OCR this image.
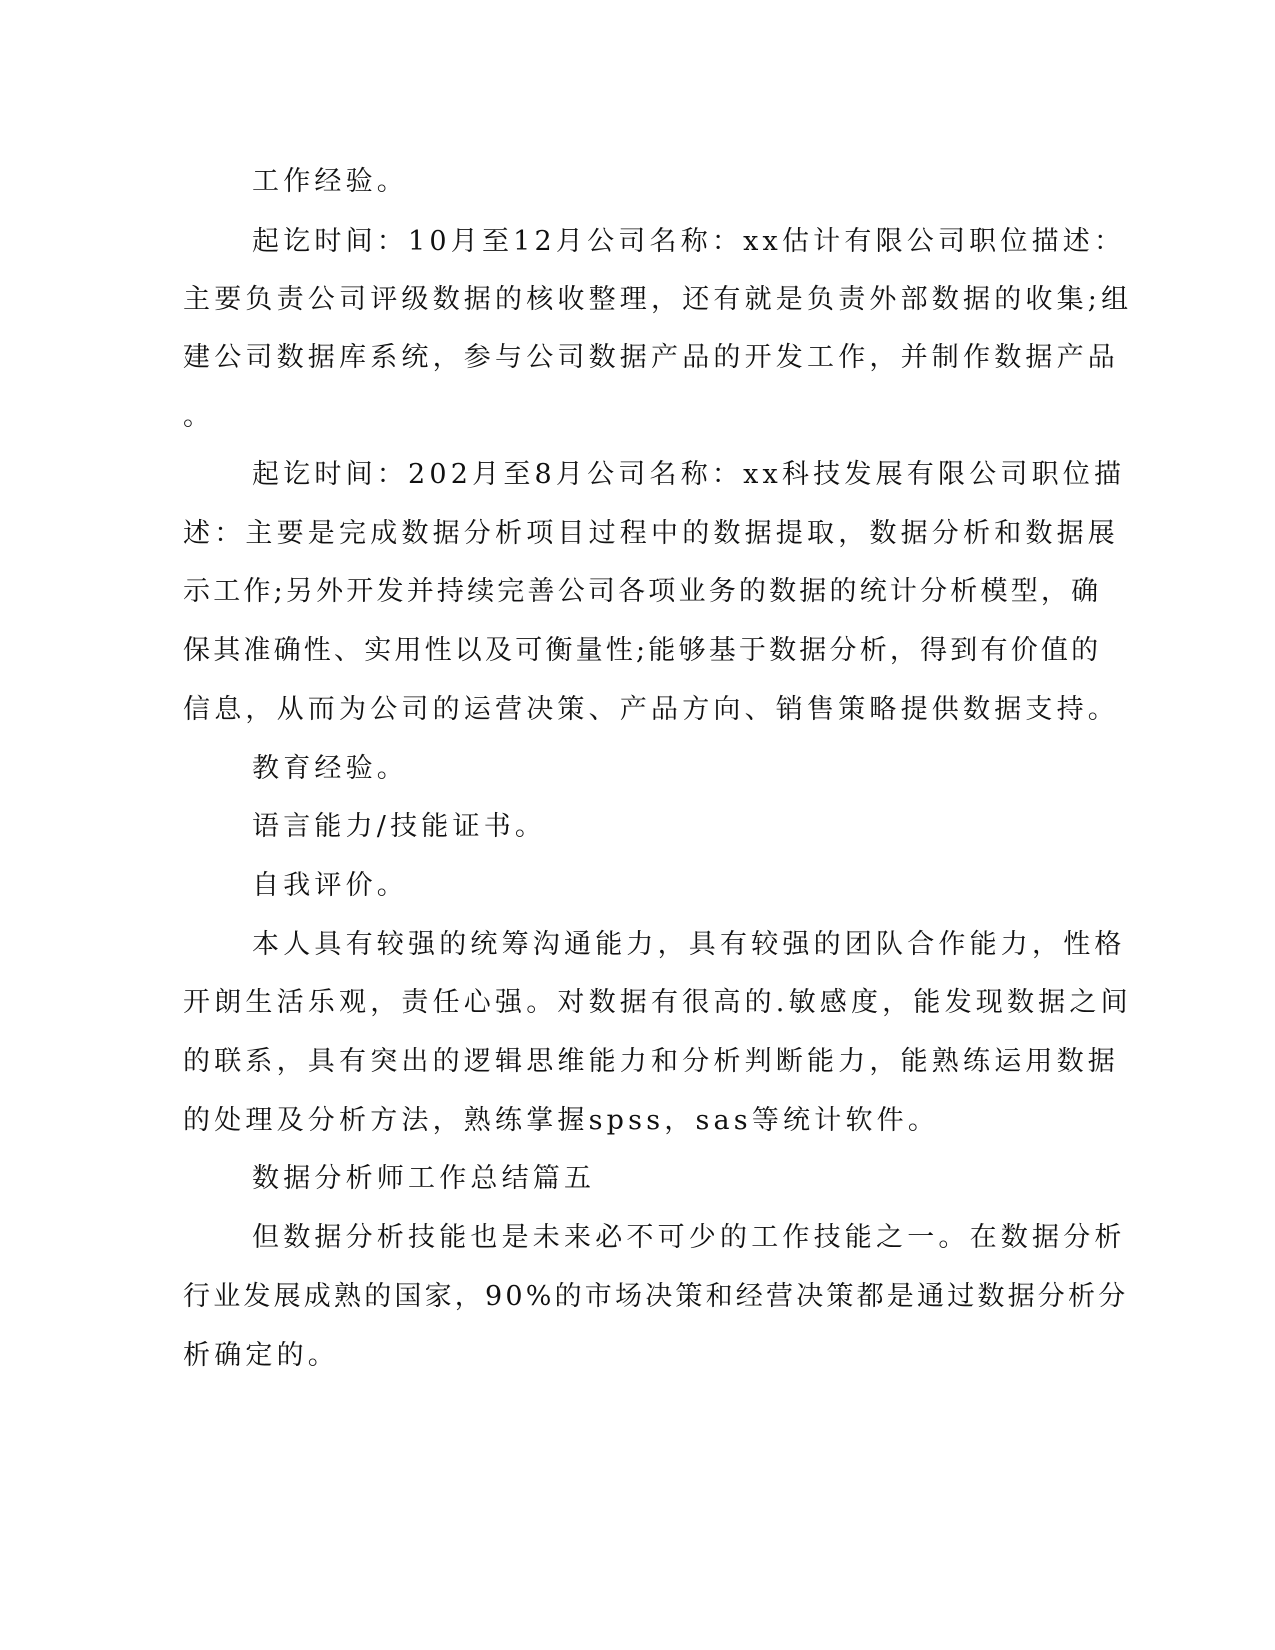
工作经验。
起讫时间：10月至12月公司名称：xx估计有限公司职位描述：
主要负责公司评级数据的核收整理，还有就是负责外部数据的收集;组
建公司数据库系统，参与公司数据产品的开发工作，并制作数据产品
。
起讫时间：202月至8月公司名称：xx科技发展有限公司职位描
述：主要是完成数据分析项目过程中的数据提取，数据分析和数据展
示工作;另外开发并持续完善公司各项业务的数据的统计分析模型，确
保其准确性、实用性以及可衡量性;能够基于数据分析，得到有价值的
信息，从而为公司的运营决策、产品方向、销售策略提供数据支持。
教育经验。
语言能力/技能证书。
自我评价。
本人具有较强的统筹沟通能力，具有较强的团队合作能力，性格
开朗生活乐观，责任心强。对数据有很高的.敏感度，能发现数据之间
的联系，具有突出的逻辑思维能力和分析判断能力，能熟练运用数据
的处理及分析方法，熟练掌握spss，sas等统计软件。
数据分析师工作总结篇五
但数据分析技能也是未来必不可少的工作技能之一。在数据分析
行业发展成熟的国家，90%的市场决策和经营决策都是通过数据分析分
析确定的。
